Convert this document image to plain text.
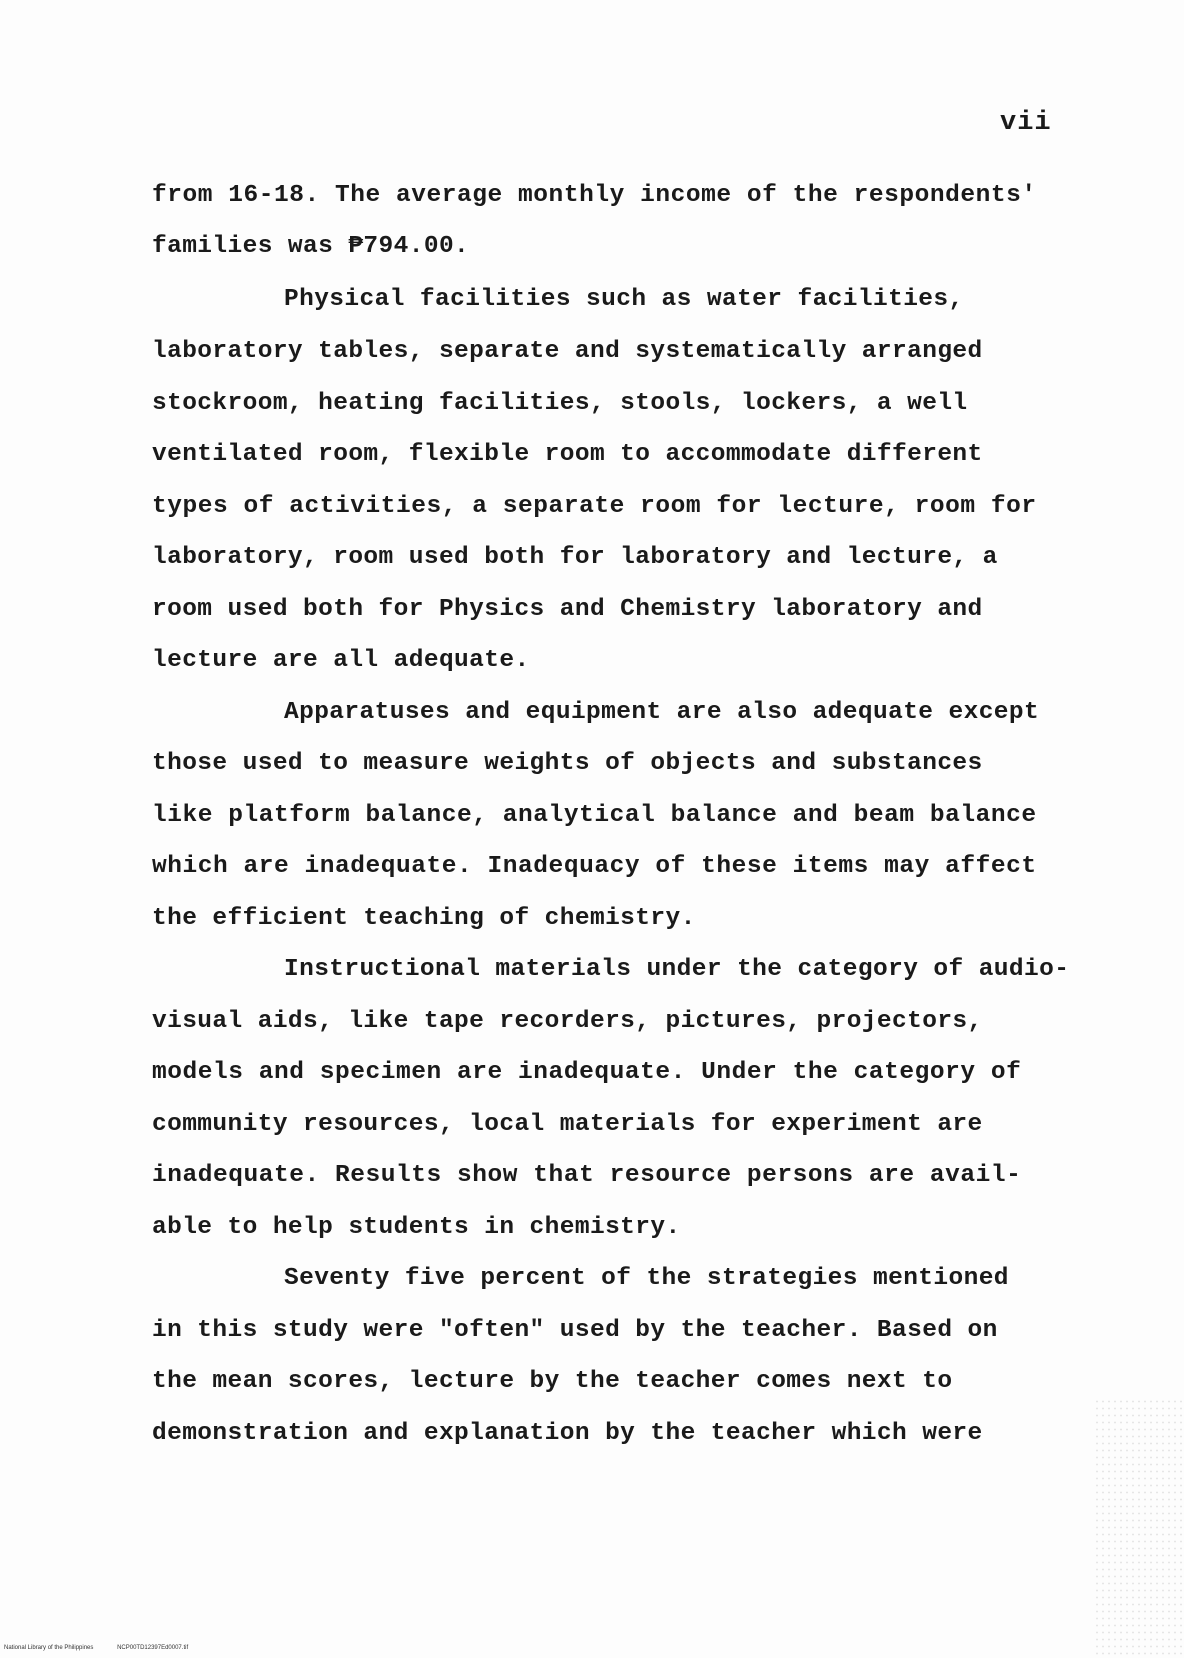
vii
from 16-18. The average monthly income of the respondents'
families was ₱794.00.
Physical facilities such as water facilities,
laboratory tables, separate and systematically arranged
stockroom, heating facilities, stools, lockers, a well
ventilated room, flexible room to accommodate different
types of activities, a separate room for lecture, room for
laboratory, room used both for laboratory and lecture, a
room used both for Physics and Chemistry laboratory and
lecture are all adequate.
Apparatuses and equipment are also adequate except
those used to measure weights of objects and substances
like platform balance, analytical balance and beam balance
which are inadequate. Inadequacy of these items may affect
the efficient teaching of chemistry.
Instructional materials under the category of audio-
visual aids, like tape recorders, pictures, projectors,
models and specimen are inadequate. Under the category of
community resources, local materials for experiment are
inadequate. Results show that resource persons are avail-
able to help students in chemistry.
Seventy five percent of the strategies mentioned
in this study were "often" used by the teacher. Based on
the mean scores, lecture by the teacher comes next to
demonstration and explanation by the teacher which were
National Library of the Philippines	NCP00TD12397Ed0007.tif
